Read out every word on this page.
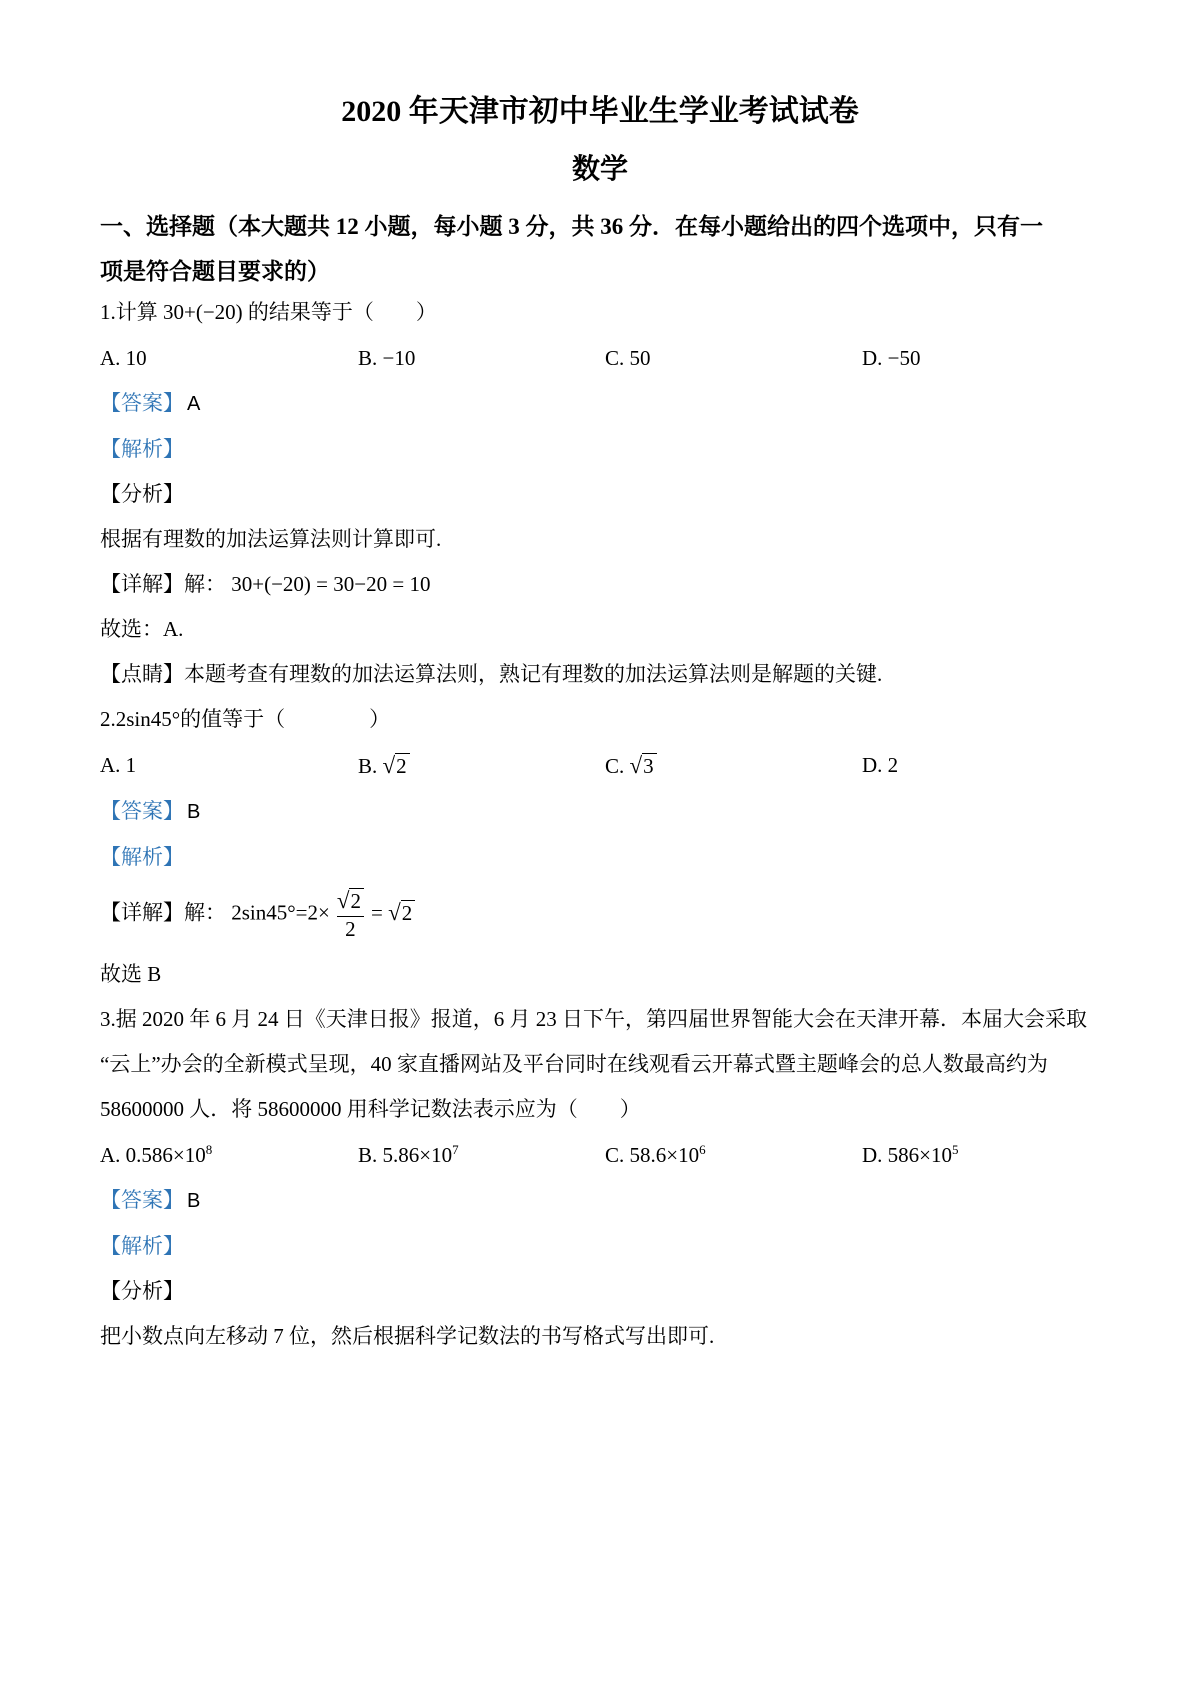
2020 年天津市初中毕业生学业考试试卷
数学
一、选择题（本大题共 12 小题，每小题 3 分，共 36 分．在每小题给出的四个选项中，只有一
项是符合题目要求的）

1.计算 30+(−20) 的结果等于（　　）

A. 10	B. −10	C. 50	D. −50

【答案】 A

【解析】

【分析】

根据有理数的加法运算法则计算即可.

【详解】解： 30+(−20) = 30−20 = 10

故选：A.

【点睛】本题考查有理数的加法运算法则，熟记有理数的加法运算法则是解题的关键.

2.2sin45°的值等于（　　　　）

A. 1	B. √2	C. √3	D. 2

【答案】 B

【解析】

【详解】解： $2\sin 45^\circ=2\times \frac{√2}{2} = √2$

故选 B

3.据 2020 年 6 月 24 日《天津日报》报道，6 月 23 日下午，第四届世界智能大会在天津开幕．本届大会采取

“云上”办会的全新模式呈现，40 家直播网站及平台同时在线观看云开幕式暨主题峰会的总人数最高约为

58600000 人．将 58600000 用科学记数法表示应为（　　）

A. $0.586\times 10^8$	B. $5.86\times 10^7$	C. $58.6\times 10^6$	D. $586\times 10^5$

【答案】 B

【解析】

【分析】

把小数点向左移动 7 位，然后根据科学记数法的书写格式写出即可.
